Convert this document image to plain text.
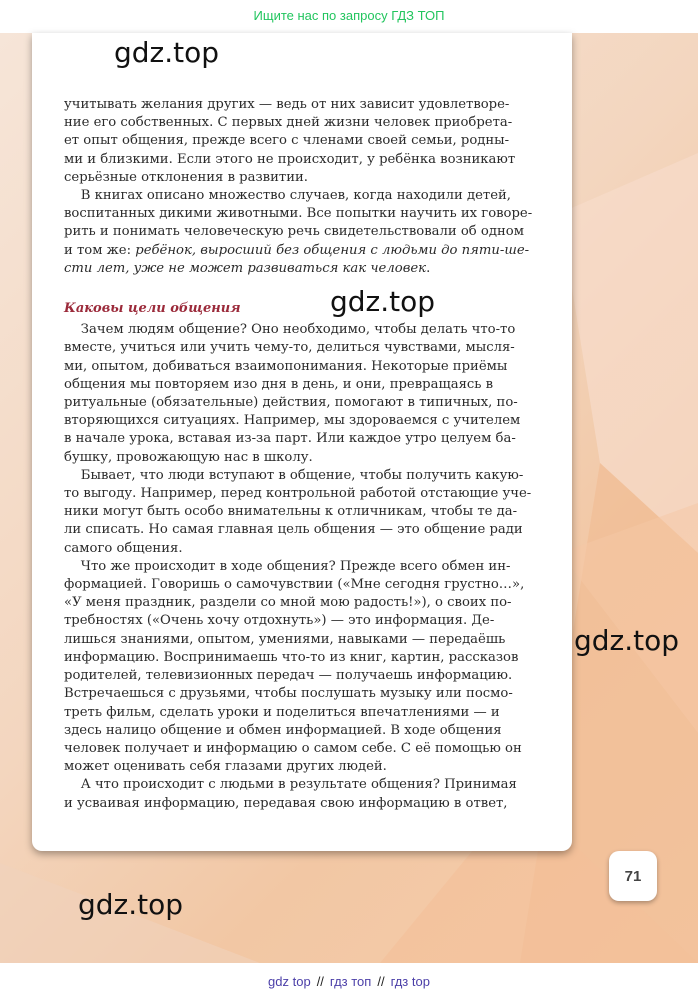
Ищите нас по запросу ГДЗ ТОП
учитывать желания других — ведь от них зависит удовлетворе-
ние его собственных. С первых дней жизни человек приобрета-
ет опыт общения, прежде всего с членами своей семьи, родны-
ми и близкими. Если этого не происходит, у ребёнка возникают
серьёзные отклонения в развитии.
В книгах описано множество случаев, когда находили детей,
воспитанных дикими животными. Все попытки научить их говоре-
рить и понимать человеческую речь свидетельствовали об одном
и том же: ребёнок, выросший без общения с людьми до пяти-ше-
сти лет, уже не может развиваться как человек.

Каковы цели общения

Зачем людям общение? Оно необходимо, чтобы делать что-то
вместе, учиться или учить чему-то, делиться чувствами, мысля-
ми, опытом, добиваться взаимопонимания. Некоторые приёмы
общения мы повторяем изо дня в день, и они, превращаясь в
ритуальные (обязательные) действия, помогают в типичных, по-
вторяющихся ситуациях. Например, мы здороваемся с учителем
в начале урока, вставая из-за парт. Или каждое утро целуем ба-
бушку, провожающую нас в школу.
Бывает, что люди вступают в общение, чтобы получить какую-
то выгоду. Например, перед контрольной работой отстающие уче-
ники могут быть особо внимательны к отличникам, чтобы те да-
ли списать. Но самая главная цель общения — это общение ради
самого общения.
Что же происходит в ходе общения? Прежде всего обмен ин-
формацией. Говоришь о самочувствии («Мне сегодня грустно…»,
«У меня праздник, раздели со мной мою радость!»), о своих по-
требностях («Очень хочу отдохнуть») — это информация. Де-
лишься знаниями, опытом, умениями, навыками — передаёшь
информацию. Воспринимаешь что-то из книг, картин, рассказов
родителей, телевизионных передач — получаешь информацию.
Встречаешься с друзьями, чтобы послушать музыку или посмо-
треть фильм, сделать уроки и поделиться впечатлениями — и
здесь налицо общение и обмен информацией. В ходе общения
человек получает и информацию о самом себе. С её помощью он
может оценивать себя глазами других людей.
А что происходит с людьми в результате общения? Принимая
и усваивая информацию, передавая свою информацию в ответ,
gdz.top
gdz.top
gdz.top
gdz.top
71
gdz top // гдз топ // гдз top
